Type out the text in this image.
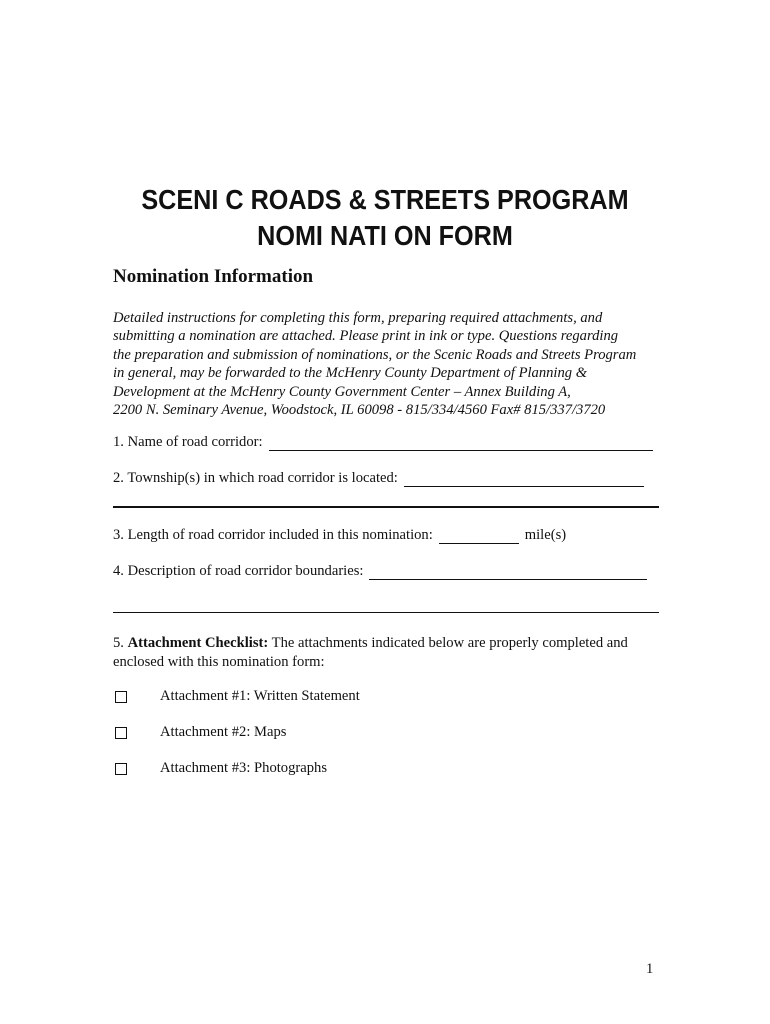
SCENI C ROADS & STREETS PROGRAM
NOMI NATI ON FORM
Nomination Information
Detailed instructions for completing this form, preparing required attachments, and
submitting a nomination are attached. Please print in ink or type. Questions regarding
the preparation and submission of nominations, or the Scenic Roads and Streets Program
in general, may be forwarded to the McHenry County Department of Planning &
Development at the McHenry County Government Center – Annex Building A,
2200 N. Seminary Avenue, Woodstock, IL 60098 - 815/334/4560 Fax# 815/337/3720
1. Name of road corridor:
2. Township(s) in which road corridor is located:
3. Length of road corridor included in this nomination:	mile(s)
4. Description of road corridor boundaries:
5. Attachment Checklist: The attachments indicated below are properly completed and
enclosed with this nomination form:
Attachment #1: Written Statement
Attachment #2: Maps
Attachment #3: Photographs
1
